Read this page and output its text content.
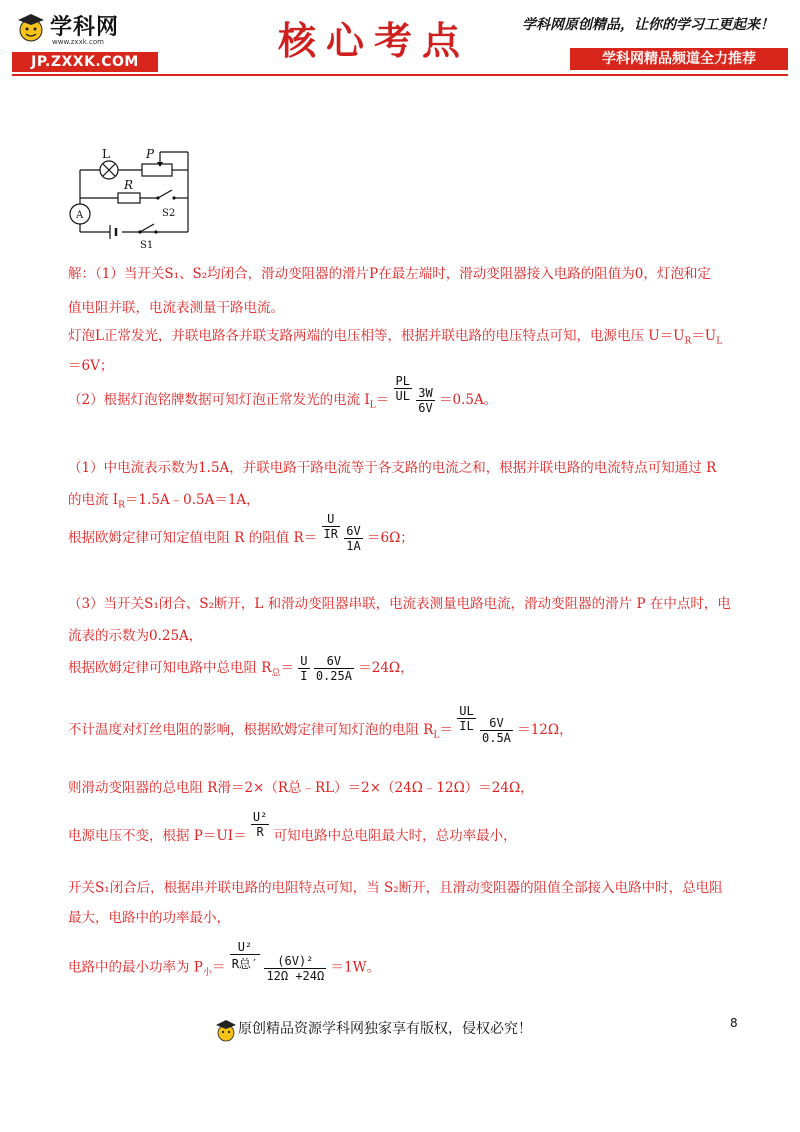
学科网
www.zxxk.com
JP.ZXXK.COM	核心考点	学科网原创精品，让你的学习工更起来！
学科网精品频道全力推荐
L	P
R
A	S2
S1
解：（1）当开关S₁、S₂均闭合，滑动变阻器的滑片P在最左端时，滑动变阻器接入电路的阻值为0，灯泡和定
值电阻并联，电流表测量干路电流。
灯泡L正常发光，并联电路各并联支路两端的电压相等，根据并联电路的电压特点可知，电源电压 $U=U_R=U_L$
＝6V；
（2）根据灯泡铭牌数据可知灯泡正常发光的电流 $I_L= \frac{PL}{UL}$
$\frac{3W}{6V} =0.5A$。
（1）中电流表示数为1.5A，并联电路干路电流等于各支路的电流之和，根据并联电路的电流特点可知通过 R
的电流 $I_R=1.5A﹣0.5A=1A$，
根据欧姆定律可知定值电阻 R 的阻值 $R= \frac{U}{IR}$
$\frac{6V}{1A} =6\Omega$；
（3）当开关S₁闭合、S₂断开，L 和滑动变阻器串联，电流表测量电路电流，滑动变阻器的滑片 P 在中点时，电
流表的示数为0.25A，
根据欧姆定律可知电路中总电阻 $R_总= \frac{U}{I}$
$\frac{6V}{0.25A} =24\Omega$，
不计温度对灯丝电阻的影响，根据欧姆定律可知灯泡的电阻 $R_L= \frac{UL}{IL}$
$\frac{6V}{0.5A} =12\Omega$，
则滑动变阻器的总电阻 R滑＝2×（R总﹣RL）＝2×（24Ω﹣12Ω）＝24Ω，
电源电压不变，根据 $P=UI= \frac{\text{U²}}{R}$ 可知电路中总电阻最大时，总功率最小，
开关S₁闭合后，根据串并联电路的电阻特点可知，当 S₂断开，且滑动变阻器的阻值全部接入电路中时，总电阻
最大，电路中的功率最小，
电路中的最小功率为 $P_小= \frac{\text{U²}}{\text{R总′}}$
$\frac{\text{(6V)²}}{12\Omega +24\Omega} =1W$。
原创精品资源学科网独家享有版权，侵权必究！	8
